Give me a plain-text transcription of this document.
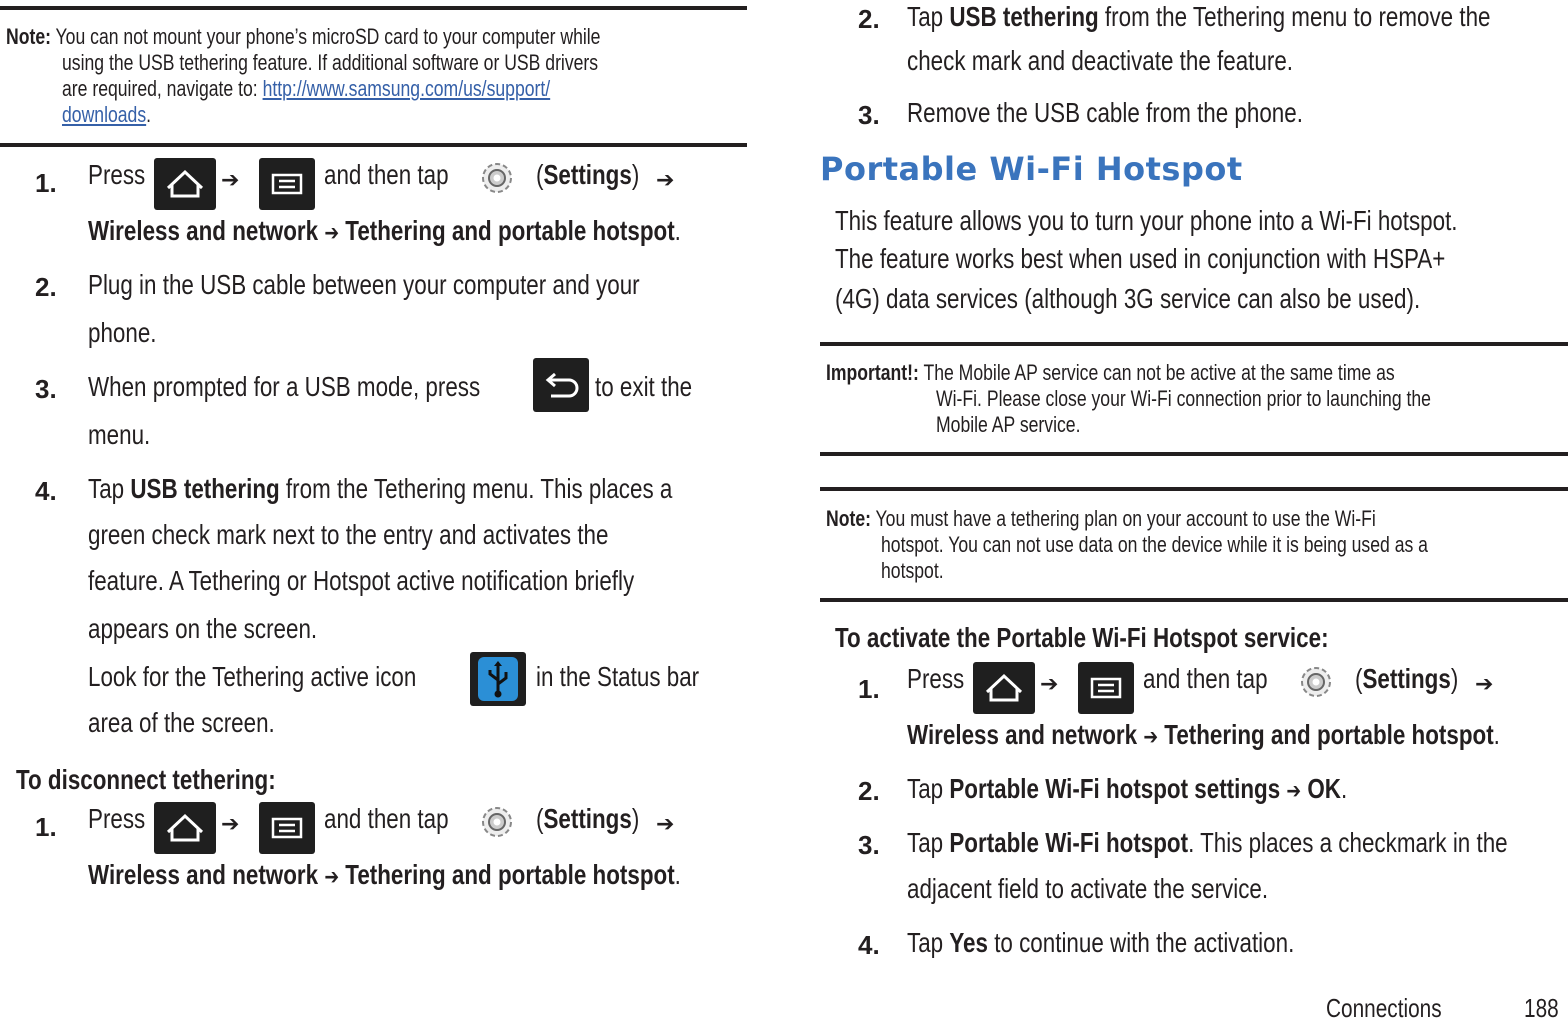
Note: You can not mount your phone’s microSD card to your computer while
using the USB tethering feature. If additional software or USB drivers
are required, navigate to: http://www.samsung.com/us/support/
downloads.
1. Press	➔	and then tap	(Settings) ➔
Wireless and network ➔ Tethering and portable hotspot.
2. Plug in the USB cable between your computer and your
phone.
3. When prompted for a USB mode, press	to exit the
menu.
4. Tap USB tethering from the Tethering menu. This places a
green check mark next to the entry and activates the
feature. A Tethering or Hotspot active notification briefly
appears on the screen.
Look for the Tethering active icon	in the Status bar
area of the screen.
To disconnect tethering:
1. Press	➔	and then tap	(Settings) ➔
Wireless and network ➔ Tethering and portable hotspot.
2. Tap USB tethering from the Tethering menu to remove the
check mark and deactivate the feature.
3. Remove the USB cable from the phone.
Portable Wi-Fi Hotspot
This feature allows you to turn your phone into a Wi-Fi hotspot.
The feature works best when used in conjunction with HSPA+
(4G) data services (although 3G service can also be used).
Important!: The Mobile AP service can not be active at the same time as
Wi-Fi. Please close your Wi-Fi connection prior to launching the
Mobile AP service.
Note: You must have a tethering plan on your account to use the Wi-Fi
hotspot. You can not use data on the device while it is being used as a
hotspot.
To activate the Portable Wi-Fi Hotspot service:
1. Press	➔	and then tap	(Settings) ➔
Wireless and network ➔ Tethering and portable hotspot.
2. Tap Portable Wi-Fi hotspot settings ➔ OK.
3. Tap Portable Wi-Fi hotspot. This places a checkmark in the
adjacent field to activate the service.
4. Tap Yes to continue with the activation.
Connections	188
